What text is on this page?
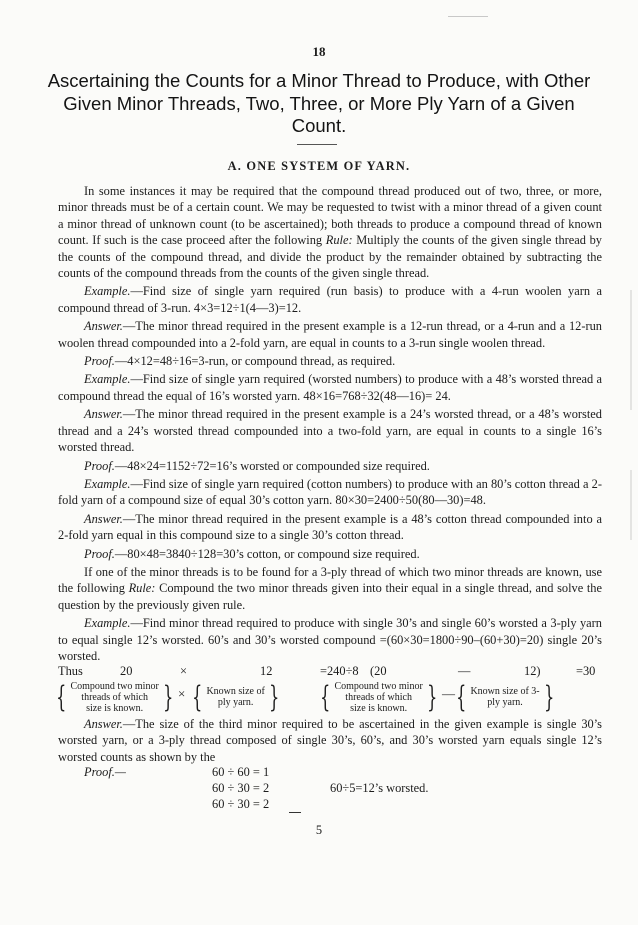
18
Ascertaining the Counts for a Minor Thread to Produce, with Other Given Minor Threads, Two, Three, or More Ply Yarn of a Given Count.
A. ONE SYSTEM OF YARN.

In some instances it may be required that the compound thread produced out of two, three, or more, minor threads must be of a certain count. We may be requested to twist with a minor thread of a given count a minor thread of unknown count (to be ascertained); both threads to produce a compound thread of known count. If such is the case proceed after the following Rule: Multiply the counts of the given single thread by the counts of the compound thread, and divide the product by the remainder obtained by subtracting the counts of the compound threads from the counts of the given single thread.

Example.—Find size of single yarn required (run basis) to produce with a 4-run woolen yarn a compound thread of 3-run. 4×3=12÷1(4—3)=12.

Answer.—The minor thread required in the present example is a 12-run thread, or a 4-run and a 12-run woolen thread compounded into a 2-fold yarn, are equal in counts to a 3-run single woolen thread.

Proof.—4×12=48÷16=3-run, or compound thread, as required.

Example.—Find size of single yarn required (worsted numbers) to produce with a 48’s worsted thread a compound thread the equal of 16’s worsted yarn. 48×16=768÷32(48—16)= 24.

Answer.—The minor thread required in the present example is a 24’s worsted thread, or a 48’s worsted thread and a 24’s worsted thread compounded into a two-fold yarn, are equal in counts to a single 16’s worsted thread.

Proof.—48×24=1152÷72=16’s worsted or compounded size required.

Example.—Find size of single yarn required (cotton numbers) to produce with an 80’s cotton thread a 2-fold yarn of a compound size of equal 30’s cotton yarn. 80×30=2400÷50(80—30)=48.

Answer.—The minor thread required in the present example is a 48’s cotton thread compounded into a 2-fold yarn equal in this compound size to a single 30’s cotton thread.

Proof.—80×48=3840÷128=30’s cotton, or compound size required.

If one of the minor threads is to be found for a 3-ply thread of which two minor threads are known, use the following Rule: Compound the two minor threads given into their equal in a single thread, and solve the question by the previously given rule.

Example.—Find minor thread required to produce with single 30’s and single 60’s worsted a 3-ply yarn to equal single 12’s worsted. 60’s and 30’s worsted compound =(60×30=1800÷90–(60+30)=20) single 20’s worsted.

Thus	20	×	12	=240÷8 (20	—	12)	=30
{ Compound two minor
threads of which
size is known. } × { Known size of
ply yarn. } { Compound two minor
threads of which
size is known. } — { Known size of 3-
ply yarn. }

Answer.—The size of the third minor required to be ascertained in the given example is single 30’s worsted yarn, or a 3-ply thread composed of single 30’s, 60’s, and 30’s worsted yarn equals single 12’s worsted counts as shown by the

Proof.—	60 ÷ 60 = 1
60 ÷ 30 = 2
60 ÷ 30 = 2
60÷5=12’s worsted.
5
